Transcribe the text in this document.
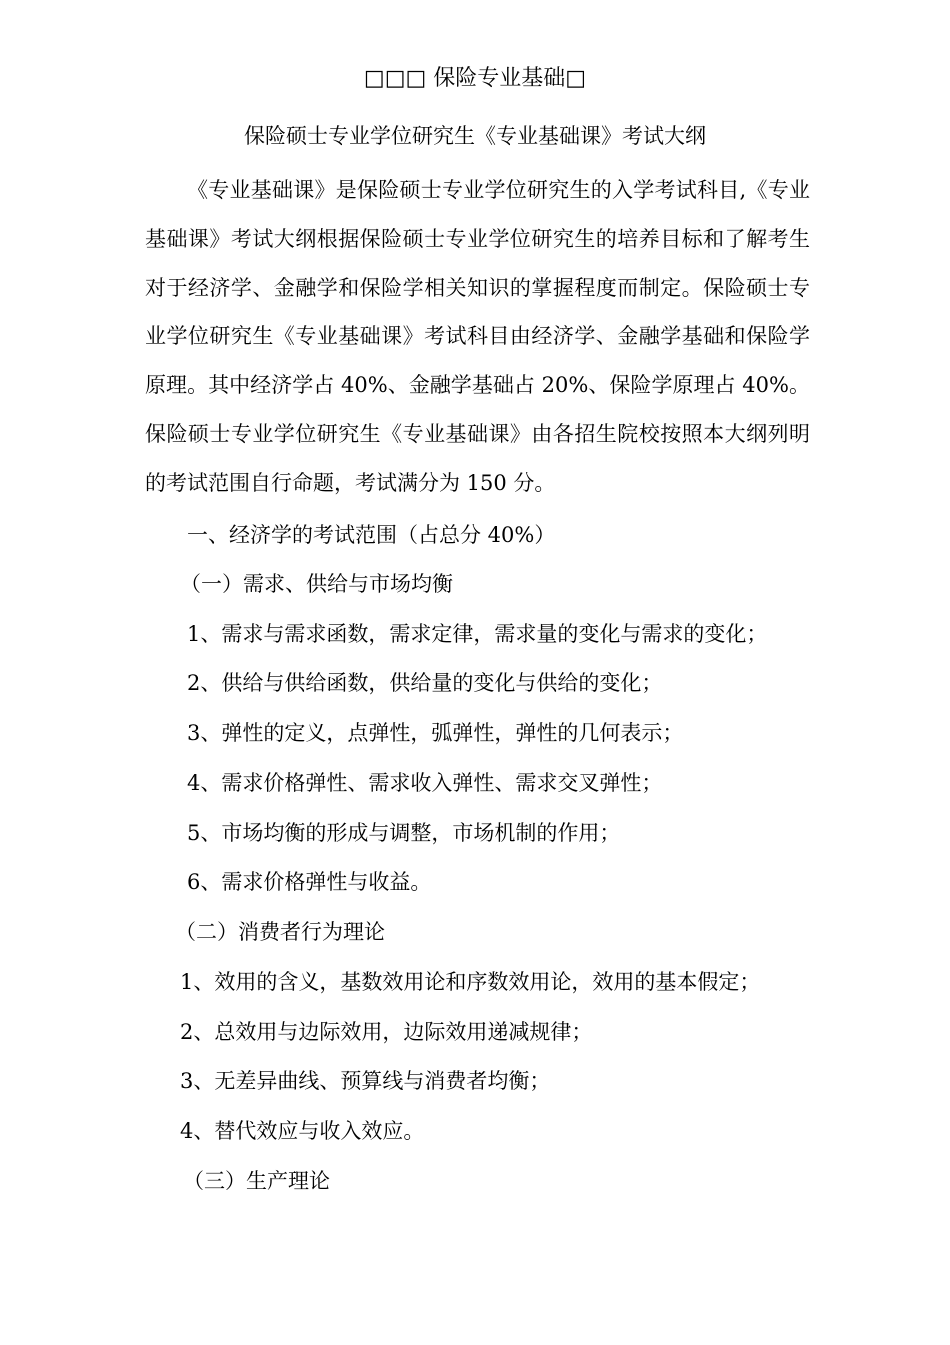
□□□ 保险专业基础□
保险硕士专业学位研究生《专业基础课》考试大纲
《专业基础课》是保险硕士专业学位研究生的入学考试科目,《专业基础课》考试大纲根据保险硕士专业学位研究生的培养目标和了解考生对于经济学、金融学和保险学相关知识的掌握程度而制定。保险硕士专业学位研究生《专业基础课》考试科目由经济学、金融学基础和保险学原理。其中经济学占 40%、金融学基础占 20%、保险学原理占 40%。保险硕士专业学位研究生《专业基础课》由各招生院校按照本大纲列明的考试范围自行命题，考试满分为 150 分。
一、经济学的考试范围（占总分 40%）
（一）需求、供给与市场均衡
1、需求与需求函数，需求定律，需求量的变化与需求的变化；
2、供给与供给函数，供给量的变化与供给的变化；
3、弹性的定义，点弹性，弧弹性，弹性的几何表示；
4、需求价格弹性、需求收入弹性、需求交叉弹性；
5、市场均衡的形成与调整，市场机制的作用；
6、需求价格弹性与收益。
（二）消费者行为理论
1、效用的含义，基数效用论和序数效用论，效用的基本假定；
2、总效用与边际效用，边际效用递减规律；
3、无差异曲线、预算线与消费者均衡；
4、替代效应与收入效应。
（三）生产理论
